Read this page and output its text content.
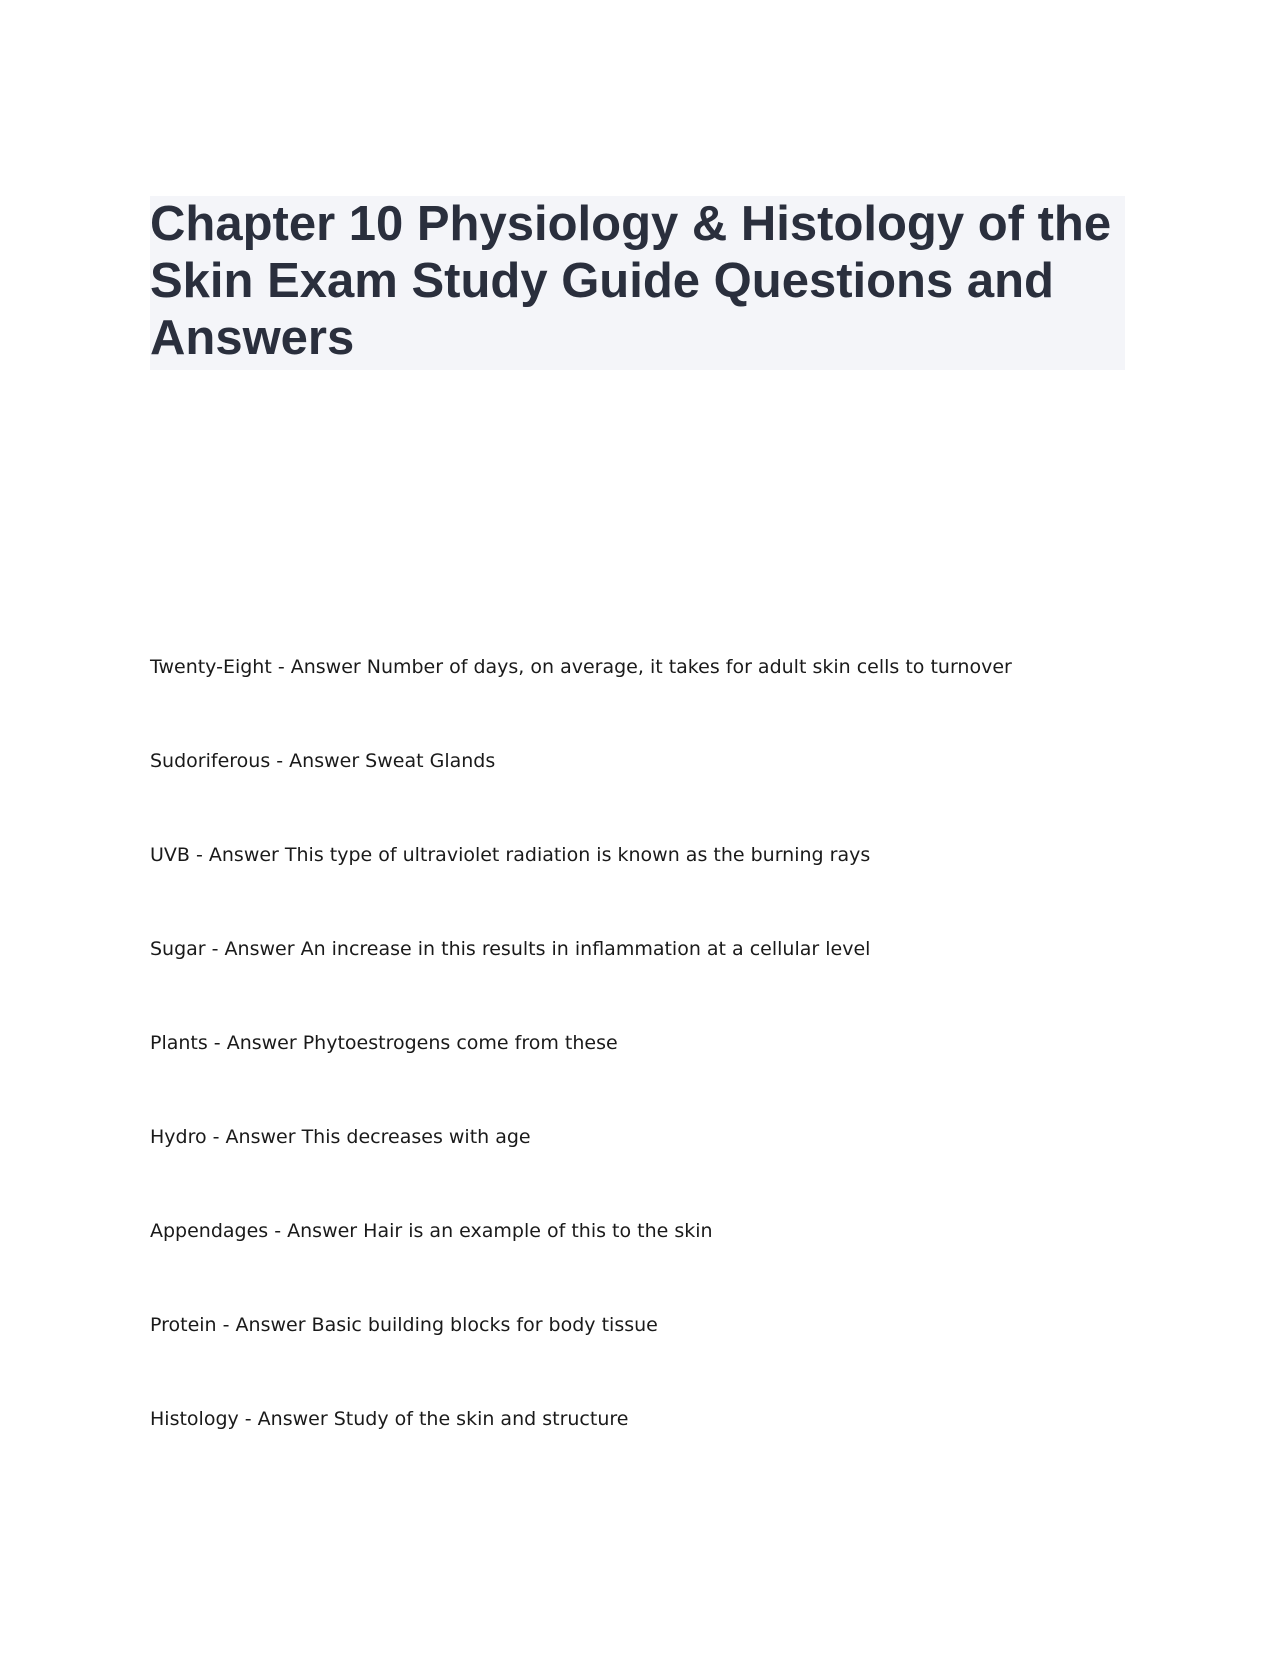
Chapter 10 Physiology & Histology of the Skin Exam Study Guide Questions and Answers
Twenty-Eight - Answer Number of days, on average, it takes for adult skin cells to turnover
Sudoriferous - Answer Sweat Glands
UVB - Answer This type of ultraviolet radiation is known as the burning rays
Sugar - Answer An increase in this results in inflammation at a cellular level
Plants - Answer Phytoestrogens come from these
Hydro - Answer This decreases with age
Appendages - Answer Hair is an example of this to the skin
Protein - Answer Basic building blocks for body tissue
Histology - Answer Study of the skin and structure
